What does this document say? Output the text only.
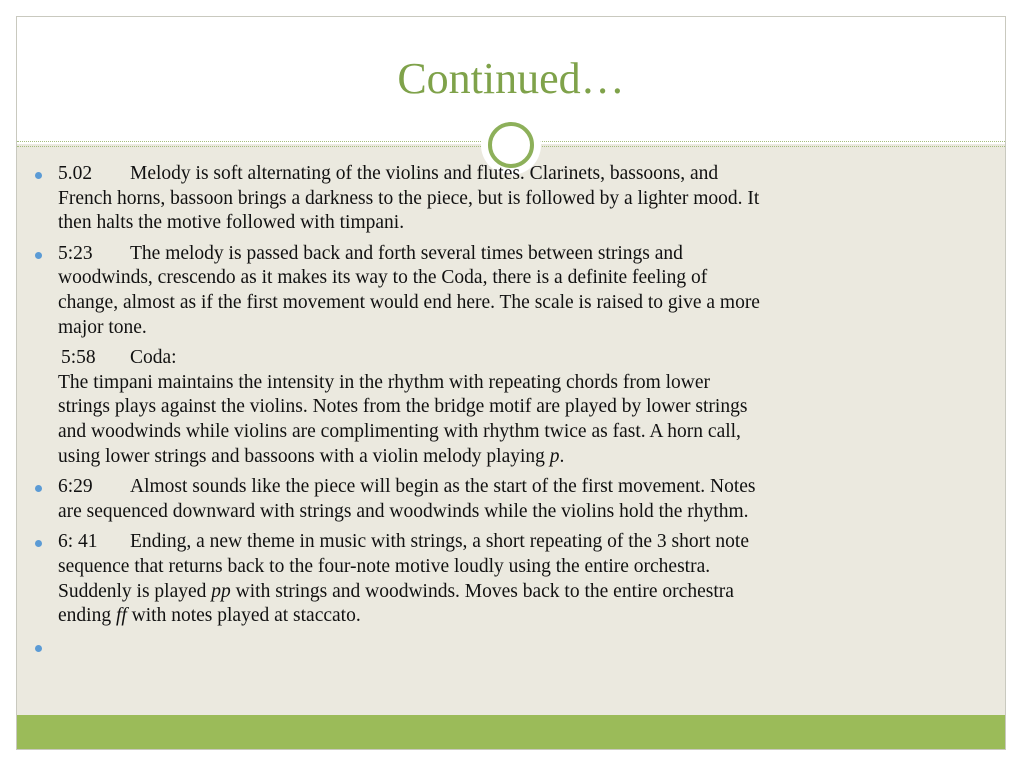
Continued…
5.02 Melody is soft alternating of the violins and flutes. Clarinets, bassoons, and
French horns, bassoon brings a darkness to the piece, but is followed by a lighter mood. It
then halts the motive followed with timpani.
5:23 The melody is passed back and forth several times between strings and
woodwinds, crescendo as it makes its way to the Coda, there is a definite feeling of
change, almost as if the first movement would end here. The scale is raised to give a more
major tone.
5:58 Coda:
The timpani maintains the intensity in the rhythm with repeating chords from lower
strings plays against the violins. Notes from the bridge motif are played by lower strings
and woodwinds while violins are complimenting with rhythm twice as fast. A horn call,
using lower strings and bassoons with a violin melody playing p.
6:29 Almost sounds like the piece will begin as the start of the first movement. Notes
are sequenced downward with strings and woodwinds while the violins hold the rhythm.
6: 41 Ending, a new theme in music with strings, a short repeating of the 3 short note
sequence that returns back to the four-note motive loudly using the entire orchestra.
Suddenly is played pp with strings and woodwinds. Moves back to the entire orchestra
ending ff with notes played at staccato.
